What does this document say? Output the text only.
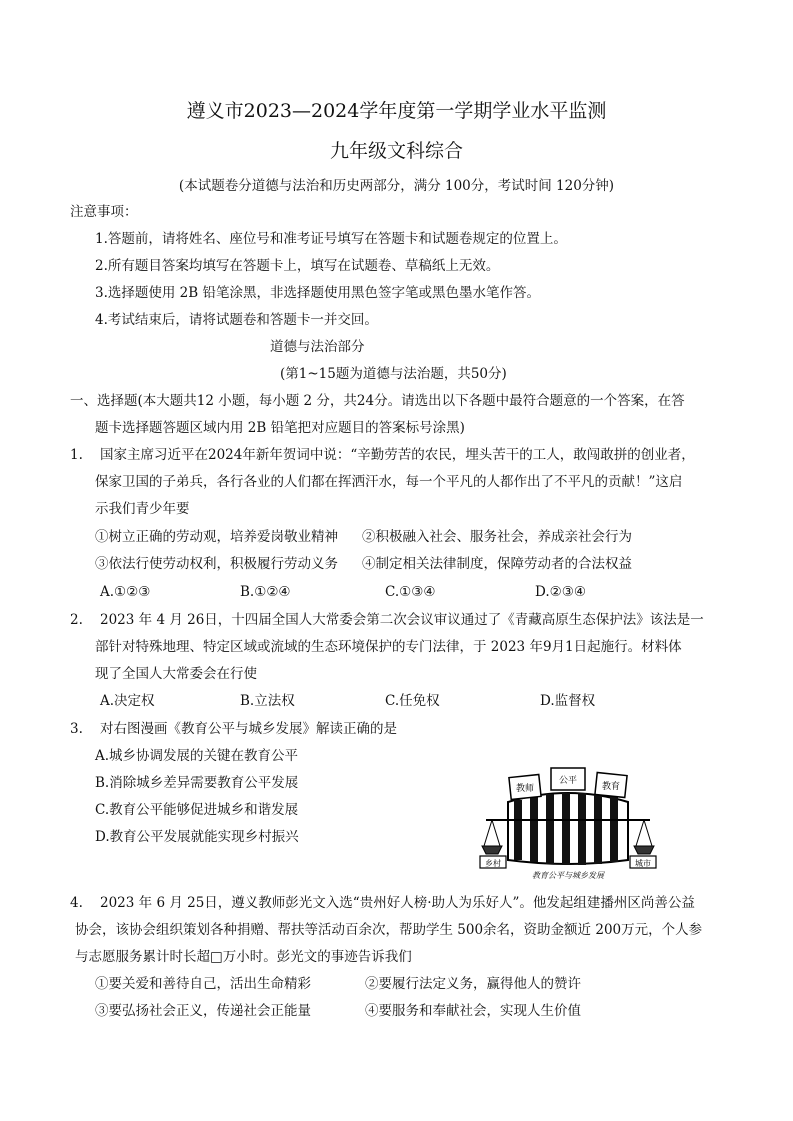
遵义市2023—2024学年度第一学期学业水平监测
九年级文科综合
(本试题卷分道德与法治和历史两部分，满分 100分，考试时间 120分钟)
注意事项：
1.答题前，请将姓名、座位号和准考证号填写在答题卡和试题卷规定的位置上。
2.所有题目答案均填写在答题卡上，填写在试题卷、草稿纸上无效。
3.选择题使用 2B 铅笔涂黑，非选择题使用黑色签字笔或黑色墨水笔作答。
4.考试结束后，请将试题卷和答题卡一并交回。
道德与法治部分
(第1~15题为道德与法治题，共50分)
一、选择题(本大题共12 小题，每小题 2 分，共24分。请选出以下各题中最符合题意的一个答案，在答
题卡选择题答题区域内用 2B 铅笔把对应题目的答案标号涂黑)
1. 国家主席习近平在2024年新年贺词中说：“辛勤劳苦的农民，埋头苦干的工人，敢闯敢拼的创业者，
保家卫国的子弟兵，各行各业的人们都在挥洒汗水，每一个平凡的人都作出了不平凡的贡献！”这启
示我们青少年要
①树立正确的劳动观，培养爱岗敬业精神 ②积极融入社会、服务社会，养成亲社会行为
③依法行使劳动权利，积极履行劳动义务 ④制定相关法律制度，保障劳动者的合法权益
A.①②③	B.①②④	C.①③④	D.②③④
2. 2023 年 4 月 26日，十四届全国人大常委会第二次会议审议通过了《青藏高原生态保护法》该法是一
部针对特殊地理、特定区域或流域的生态环境保护的专门法律，于 2023 年9月1日起施行。材料体
现了全国人大常委会在行使
A.决定权	B.立法权	C.任免权	D.监督权
3. 对右图漫画《教育公平与城乡发展》解读正确的是
A.城乡协调发展的关键在教育公平
B.消除城乡差异需要教育公平发展
C.教育公平能够促进城乡和谐发展
D.教育公平发展就能实现乡村振兴
教师
公平
教育
乡村	城市
教育公平与城乡发展
4. 2023 年 6 月 25日，遵义教师彭光文入选“贵州好人榜·助人为乐好人”。他发起组建播州区尚善公益
协会，该协会组织策划各种捐赠、帮扶等活动百余次，帮助学生 500余名，资助金额近 200万元，个人参
与志愿服务累计时长超□万小时。彭光文的事迹告诉我们
①要关爱和善待自己，活出生命精彩	②要履行法定义务，赢得他人的赞许
③要弘扬社会正义，传递社会正能量	④要服务和奉献社会，实现人生价值
